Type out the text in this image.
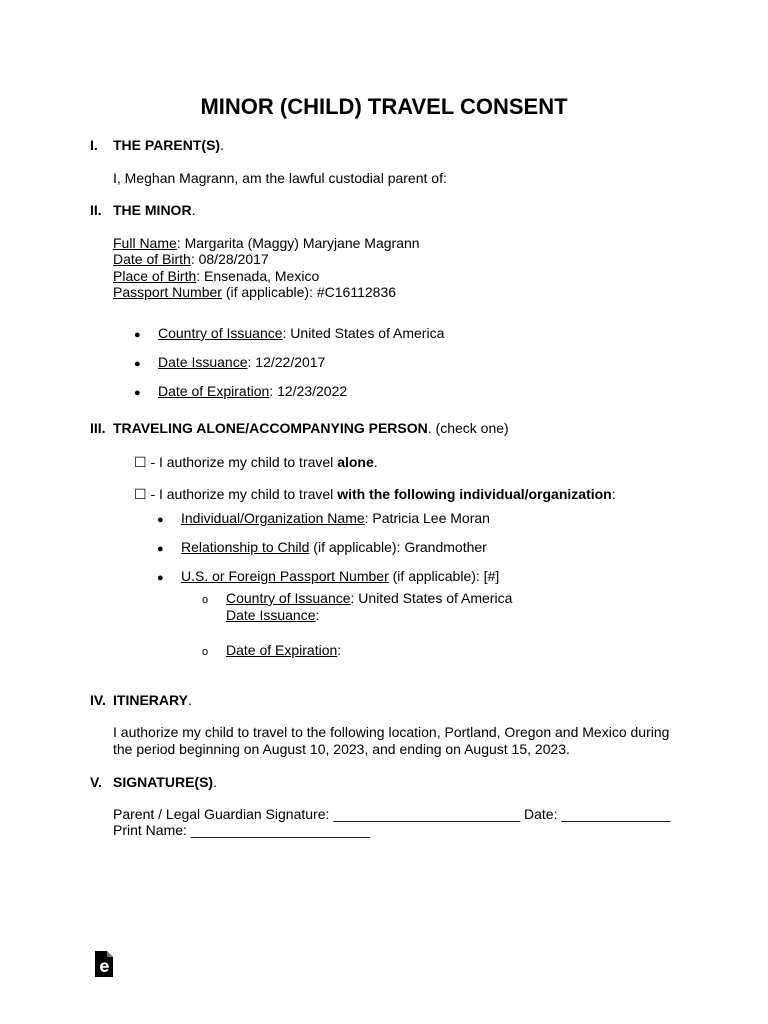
MINOR (CHILD) TRAVEL CONSENT
I. THE PARENT(S).
I, Meghan Magrann, am the lawful custodial parent of:
II. THE MINOR.
Full Name: Margarita (Maggy) Maryjane Magrann
Date of Birth: 08/28/2017
Place of Birth: Ensenada, Mexico
Passport Number (if applicable): #C16112836
● Country of Issuance: United States of America
● Date Issuance: 12/22/2017
● Date of Expiration: 12/23/2022
III. TRAVELING ALONE/ACCOMPANYING PERSON. (check one)
☐ - I authorize my child to travel alone.
☐ - I authorize my child to travel with the following individual/organization:
● Individual/Organization Name: Patricia Lee Moran
● Relationship to Child (if applicable): Grandmother
● U.S. or Foreign Passport Number (if applicable): [#]
o Country of Issuance: United States of America
Date Issuance:
o Date of Expiration:
IV. ITINERARY.
I authorize my child to travel to the following location, Portland, Oregon and Mexico during
the period beginning on August 10, 2023, and ending on August 15, 2023.
V. SIGNATURE(S).
Parent / Legal Guardian Signature: ________________________ Date: ______________
Print Name: _______________________
